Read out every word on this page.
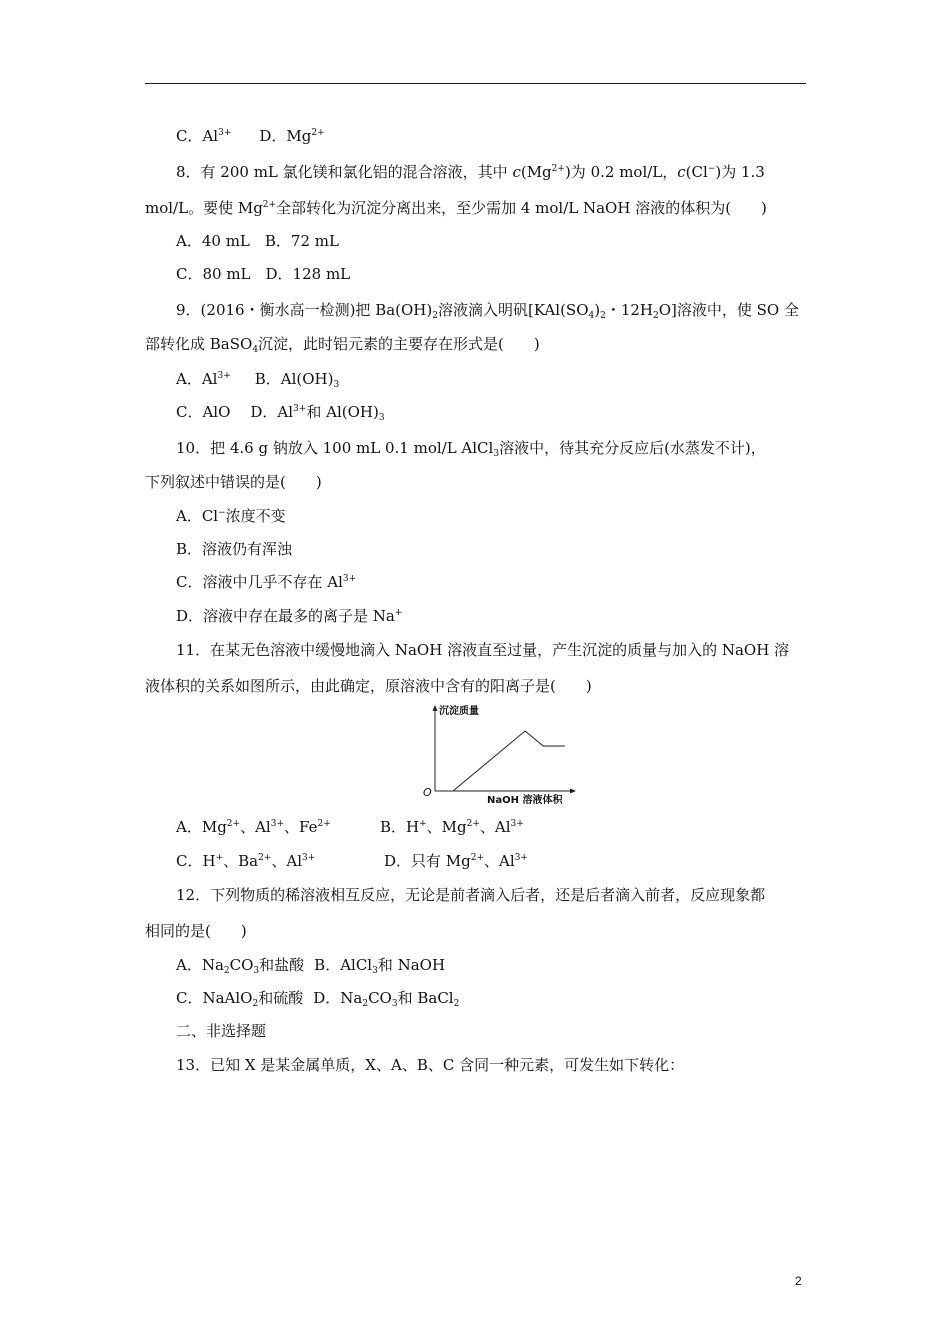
C．$Al^{3+}$ D．$Mg^{2+}$
8．有 200 mL 氯化镁和氯化铝的混合溶液，其中 $c(Mg^{2+})$为 0.2 mol/L，c(Cl−)为 1.3
mol/L。要使 $Mg^{2+}$全部转化为沉淀分离出来，至少需加 4 mol/L NaOH 溶液的体积为(　　)
A．40 mL　B．72 mL
C．80 mL　D．128 mL
9．(2016・衡水高一检测)把 $Ba(OH)_2$溶液滴入明矾[$KAl(SO_4)_2$・$12H_2O$]溶液中，使 SO 全
部转化成 BaSO$_4$沉淀，此时铝元素的主要存在形式是(　　)
A．$Al^{3+}$ B．$Al(OH)_3$
C．AlO D．$Al^{3+}$和 $Al(OH)_3$
10．把 4.6 g 钠放入 100 mL 0.1 mol/L AlCl$_3$溶液中，待其充分反应后(水蒸发不计)，
下列叙述中错误的是(　　)
A．Cl−浓度不变
B．溶液仍有浑浊
C．溶液中几乎不存在 $Al^{3+}$
D．溶液中存在最多的离子是 Na+
11．在某无色溶液中缓慢地滴入 NaOH 溶液直至过量，产生沉淀的质量与加入的 NaOH 溶
液体积的关系如图所示，由此确定，原溶液中含有的阳离子是(　　)
沉淀质量
NaOH 溶液体积
O
A．$Mg^{2+}$、$Al^{3+}$、$Fe^{2+}$	B．H+、$Mg^{2+}$、$Al^{3+}$
C．H+、$Ba^{2+}$、$Al^{3+}$	D．只有 $Mg^{2+}$、$Al^{3+}$
12．下列物质的稀溶液相互反应，无论是前者滴入后者，还是后者滴入前者，反应现象都
相同的是(　　)
A．$Na_2CO_3$和盐酸 B．AlCl$_3$和 NaOH
C．NaAlO$_2$和硫酸 D．$Na_2CO_3$和 BaCl$_2$
二、非选择题
13．已知 X 是某金属单质，X、A、B、C 含同一种元素，可发生如下转化：
2
